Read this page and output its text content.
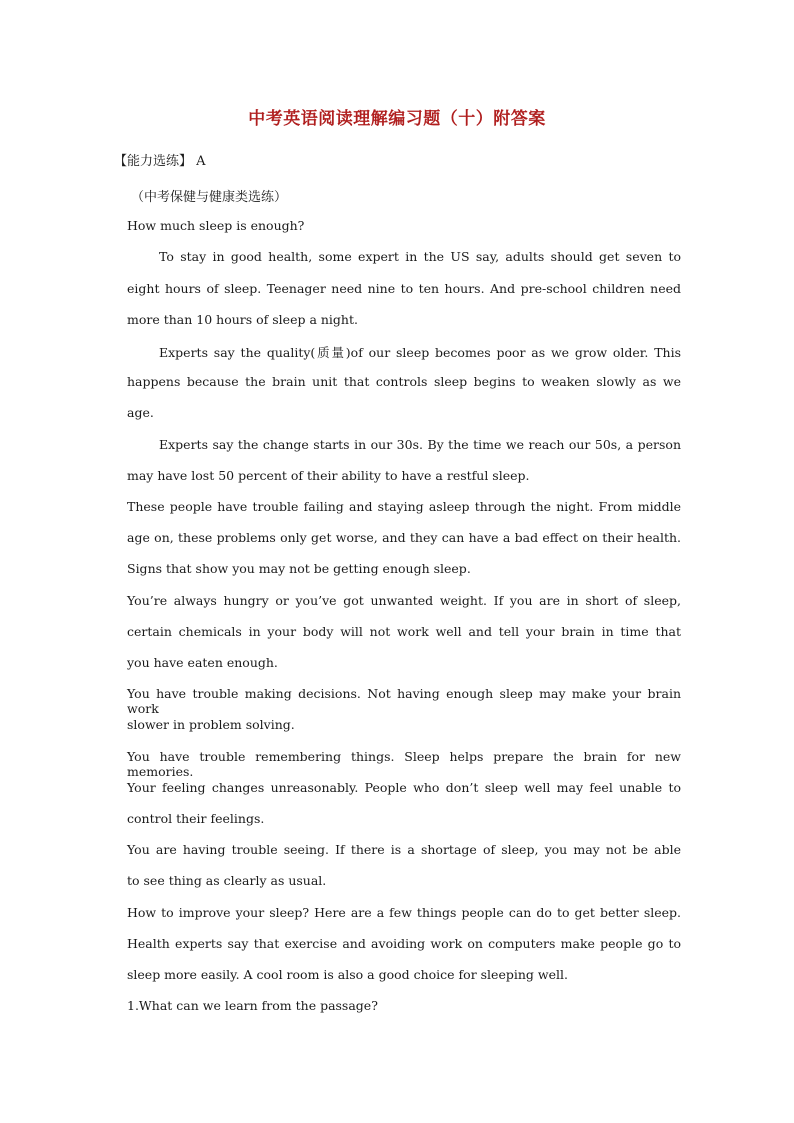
中考英语阅读理解编习题（十）附答案
【能力选练】 A
（中考保健与健康类选练）
How much sleep is enough?
To stay in good health, some expert in the US say, adults should get seven to
eight hours of sleep. Teenager need nine to ten hours. And pre-school children need
more than 10 hours of sleep a night.
Experts say the quality(质量)of our sleep becomes poor as we grow older. This
happens because the brain unit that controls sleep begins to weaken slowly as we
age.
Experts say the change starts in our 30s. By the time we reach our 50s, a person
may have lost 50 percent of their ability to have a restful sleep.
These people have trouble failing and staying asleep through the night. From middle
age on, these problems only get worse, and they can have a bad effect on their health.
Signs that show you may not be getting enough sleep.
You’re always hungry or you’ve got unwanted weight. If you are in short of sleep,
certain chemicals in your body will not work well and tell your brain in time that
you have eaten enough.
You have trouble making decisions. Not having enough sleep may make your brain work
slower in problem solving.
You have trouble remembering things. Sleep helps prepare the brain for new memories.
Your feeling changes unreasonably. People who don’t sleep well may feel unable to
control their feelings.
You are having trouble seeing. If there is a shortage of sleep, you may not be able
to see thing as clearly as usual.
How to improve your sleep? Here are a few things people can do to get better sleep.
Health experts say that exercise and avoiding work on computers make people go to
sleep more easily. A cool room is also a good choice for sleeping well.
1.What can we learn from the passage?
